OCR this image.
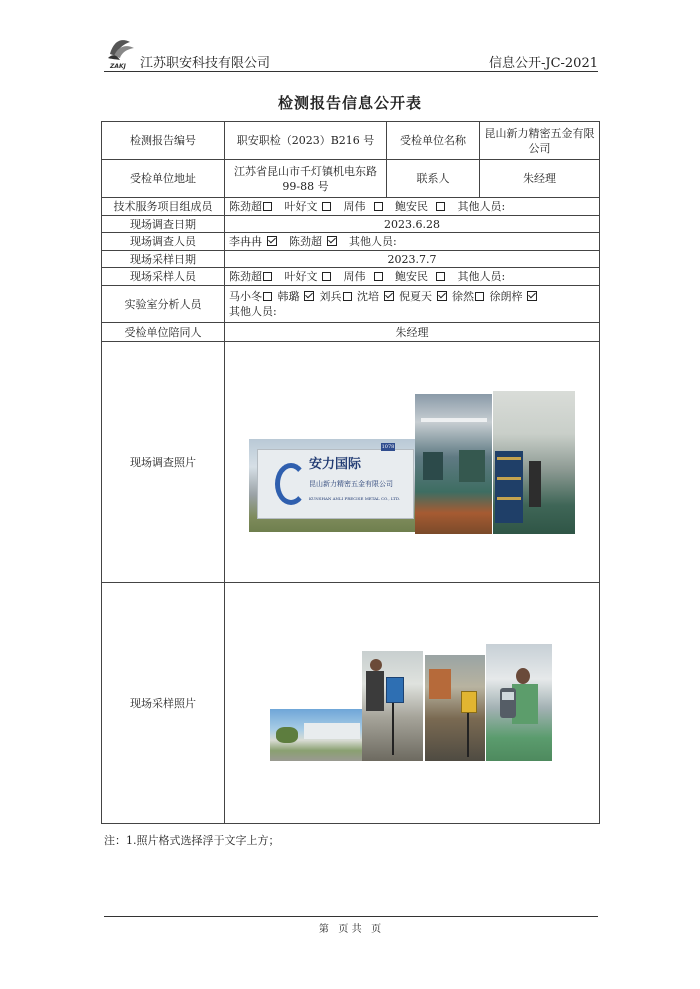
ZAKJ 江苏职安科技有限公司	信息公开-JC-2021
检测报告信息公开表
检测报告编号	职安职检（2023）B216 号	受检单位名称	昆山新力精密五金有限公司
受检单位地址	江苏省昆山市千灯镇机电东路 99-88 号	联系人	朱经理
技术服务项目组成员	陈劲超 叶好文 周伟 鲍安民 其他人员:		
现场调查日期	2023.6.28		
现场调查人员	李冉冉 陈劲超 其他人员:		
现场采样日期	2023.7.7		
现场采样人员	陈劲超 叶好文 周伟 鲍安民 其他人员:		
实验室分析人员	马小冬 韩璐 刘兵 沈培 倪夏天 徐然 徐朗梓
其他人员:		
受检单位陪同人	朱经理		
现场调查照片	安力国际
昆山新力精密五金有限公司
KUNSHAN ANLI PRECISE METAL CO., LTD.
1078		

现场采样照片			
注：1.照片格式选择浮于文字上方；
第   页 共   页
